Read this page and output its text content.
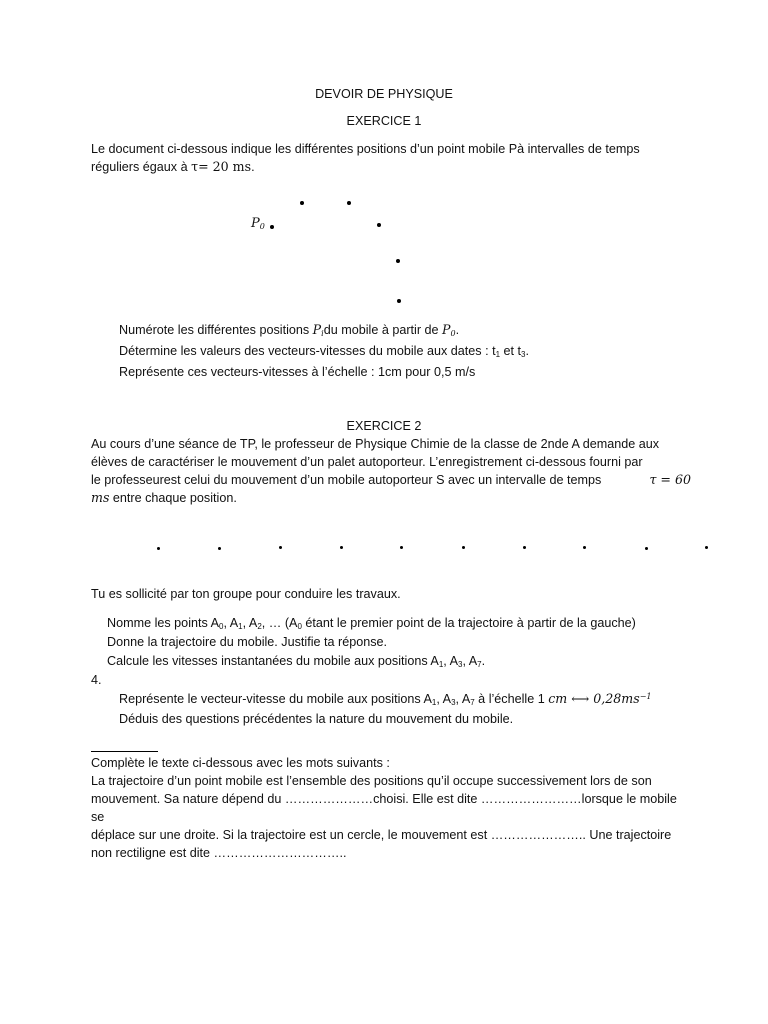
DEVOIR DE PHYSIQUE
EXERCICE 1
Le document ci-dessous indique les différentes positions d’un point mobile Pà intervalles de temps
réguliers égaux à τ= 20 ms.
$P_0$
Numérote les différentes positions $P_idu$ mobile à partir de $P_0$.
Détermine les valeurs des vecteurs-vitesses du mobile aux dates : $t_1$ et $t_3$.
Représente ces vecteurs-vitesses à l’échelle : 1cm pour 0,5 m/s
EXERCICE 2
Au cours d’une séance de TP, le professeur de Physique Chimie de la classe de 2nde A demande aux
élèves de caractériser le mouvement d’un palet autoporteur. L’enregistrement ci-dessous fourni par
le professeurest celui du mouvement d’un mobile autoporteur S avec un intervalle de temps	τ = 60
ms entre chaque position.
Tu es sollicité par ton groupe pour conduire les travaux.
Nomme les points $A_0$, $A_1$, $A_2$, … ($A_0$ étant le premier point de la trajectoire à partir de la gauche)
Donne la trajectoire du mobile. Justifie ta réponse.
Calcule les vitesses instantanées du mobile aux positions $A_1$, $A_3$, $A_7$.
4.
Représente le vecteur-vitesse du mobile aux positions $A_1$, $A_3$, $A_7$ à l’échelle 1 cm ⟷ $0,28ms^{-1}$
Déduis des questions précédentes la nature du mouvement du mobile.
Complète le texte ci-dessous avec les mots suivants :
La trajectoire d’un point mobile est l’ensemble des positions qu’il occupe successivement lors de son
mouvement. Sa nature dépend du …………………choisi. Elle est dite ……………………lorsque le mobile se
déplace sur une droite. Si la trajectoire est un cercle, le mouvement est ………………….. Une trajectoire
non rectiligne est dite …………………………..
